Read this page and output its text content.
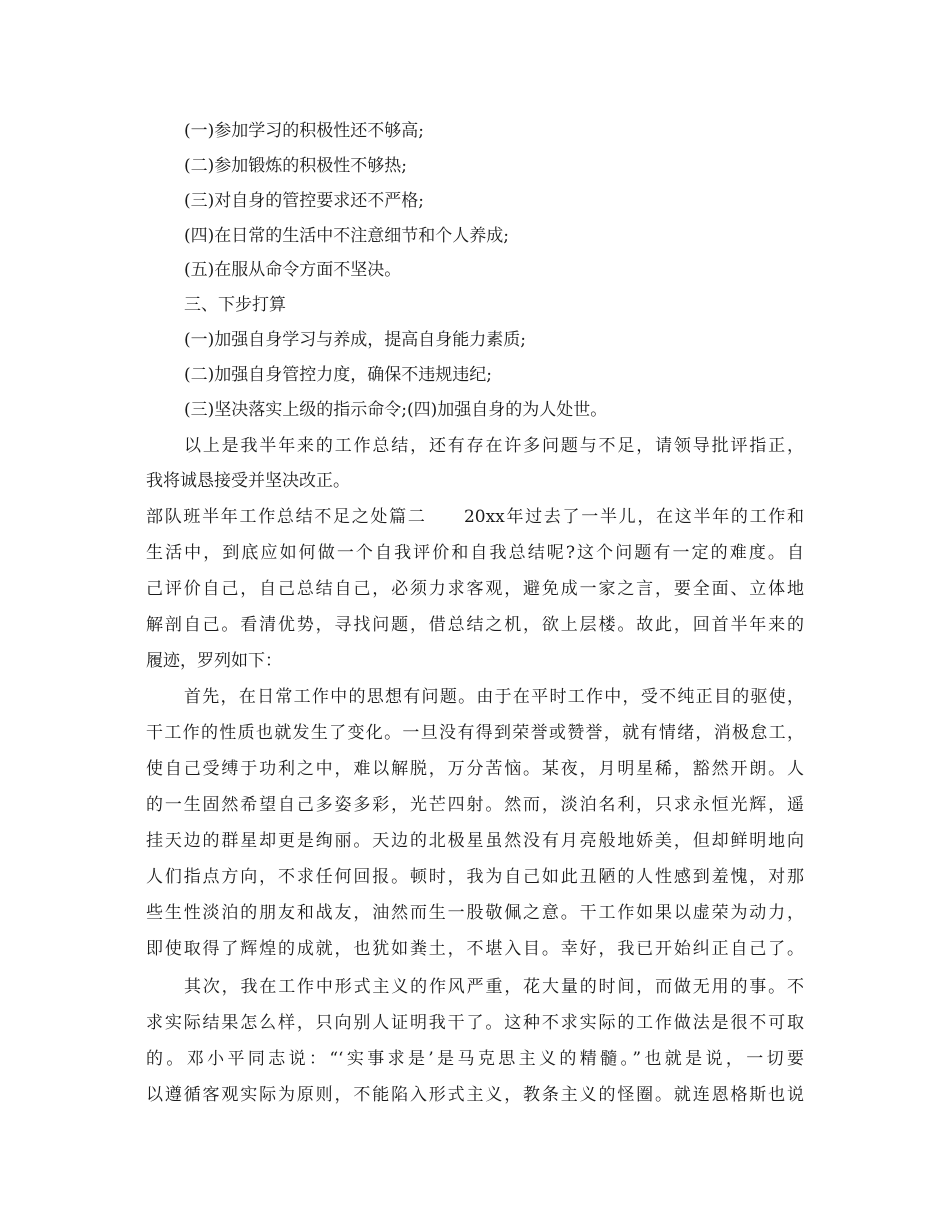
(一)参加学习的积极性还不够高;
(二)参加锻炼的积极性不够热;
(三)对自身的管控要求还不严格;
(四)在日常的生活中不注意细节和个人养成;
(五)在服从命令方面不坚决。
三、下步打算
(一)加强自身学习与养成，提高自身能力素质;
(二)加强自身管控力度，确保不违规违纪;
(三)坚决落实上级的指示命令;(四)加强自身的为人处世。
以上是我半年来的工作总结，还有存在许多问题与不足，请领导批评指正，
我将诚恳接受并坚决改正。
部队班半年工作总结不足之处篇二　　20xx年过去了一半儿，在这半年的工作和
生活中，到底应如何做一个自我评价和自我总结呢?这个问题有一定的难度。自
己评价自己，自己总结自己，必须力求客观，避免成一家之言，要全面、立体地
解剖自己。看清优势，寻找问题，借总结之机，欲上层楼。故此，回首半年来的
履迹，罗列如下：
首先，在日常工作中的思想有问题。由于在平时工作中，受不纯正目的驱使，
干工作的性质也就发生了变化。一旦没有得到荣誉或赞誉，就有情绪，消极怠工，
使自己受缚于功利之中，难以解脱，万分苦恼。某夜，月明星稀，豁然开朗。人
的一生固然希望自己多姿多彩，光芒四射。然而，淡泊名利，只求永恒光辉，遥
挂天边的群星却更是绚丽。天边的北极星虽然没有月亮般地娇美，但却鲜明地向
人们指点方向，不求任何回报。顿时，我为自己如此丑陋的人性感到羞愧，对那
些生性淡泊的朋友和战友，油然而生一股敬佩之意。干工作如果以虚荣为动力，
即使取得了辉煌的成就，也犹如粪土，不堪入目。幸好，我已开始纠正自己了。
其次，我在工作中形式主义的作风严重，花大量的时间，而做无用的事。不
求实际结果怎么样，只向别人证明我干了。这种不求实际的工作做法是很不可取
的。邓小平同志说：“‘实事求是’是马克思主义的精髓。”也就是说，一切要
以遵循客观实际为原则，不能陷入形式主义，教条主义的怪圈。就连恩格斯也说
